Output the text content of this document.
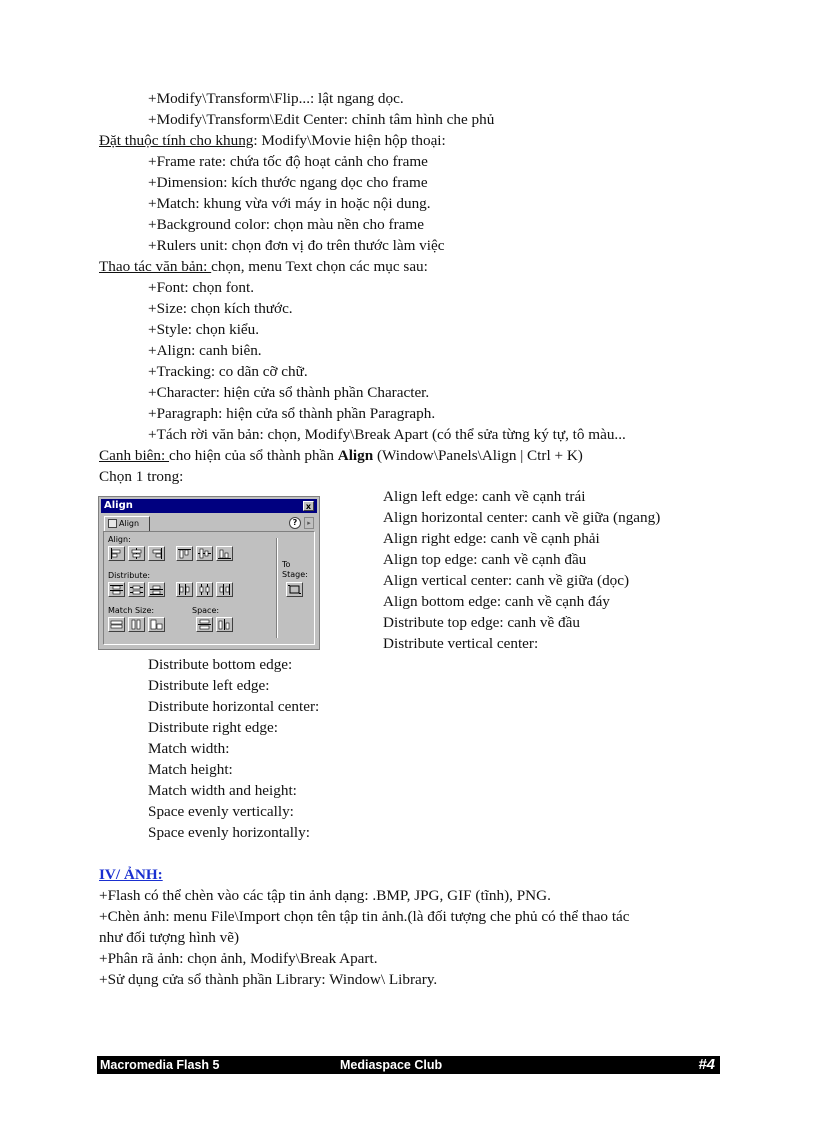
+Modify\Transform\Flip...: lật ngang dọc.
+Modify\Transform\Edit Center: chỉnh tâm hình che phủ
Đặt thuộc tính cho khung: Modify\Movie hiện hộp thoại:
+Frame rate: chứa tốc độ hoạt cảnh cho frame
+Dimension: kích thước ngang dọc cho frame
+Match: khung vừa với máy in hoặc nội dung.
+Background color: chọn màu nền cho frame
+Rulers unit: chọn đơn vị đo trên thước làm việc
Thao tác văn bản: chọn, menu Text chọn các mục sau:
+Font: chọn font.
+Size: chọn kích thước.
+Style: chọn kiểu.
+Align: canh biên.
+Tracking: co dãn cỡ chữ.
+Character: hiện cửa sổ thành phần Character.
+Paragraph: hiện cửa sổ thành phần Paragraph.
+Tách rời văn bản: chọn, Modify\Break Apart (có thể sửa từng ký tự, tô màu...
Canh biên: cho hiện của sổ thành phần Align (Window\Panels\Align | Ctrl + K)
Chọn 1 trong:
Align	x
Align	?	▸
Align:
Distribute:
Match Size:	Space:
To
Stage:
Align left edge: canh về cạnh trái
Align horizontal center: canh về giữa (ngang)
Align right edge: canh về cạnh phải
Align top edge: canh về cạnh đầu
Align vertical center: canh về giữa (dọc)
Align bottom edge: canh về cạnh đáy
Distribute top edge: canh về đầu
Distribute vertical center:
Distribute bottom edge:
Distribute left edge:
Distribute horizontal center:
Distribute right edge:
Match width:
Match height:
Match width and height:
Space evenly vertically:
Space evenly horizontally:
IV/ ẢNH:
+Flash có thể chèn vào các tập tin ảnh dạng: .BMP, JPG, GIF (tĩnh), PNG.
+Chèn ảnh: menu File\Import chọn tên tập tin ảnh.(là đối tượng che phủ có thể thao tác
như đối tượng hình vẽ)
+Phân rã ảnh: chọn ảnh, Modify\Break Apart.
+Sử dụng cửa sổ thành phần Library: Window\ Library.
Macromedia Flash 5	Mediaspace Club	#4
